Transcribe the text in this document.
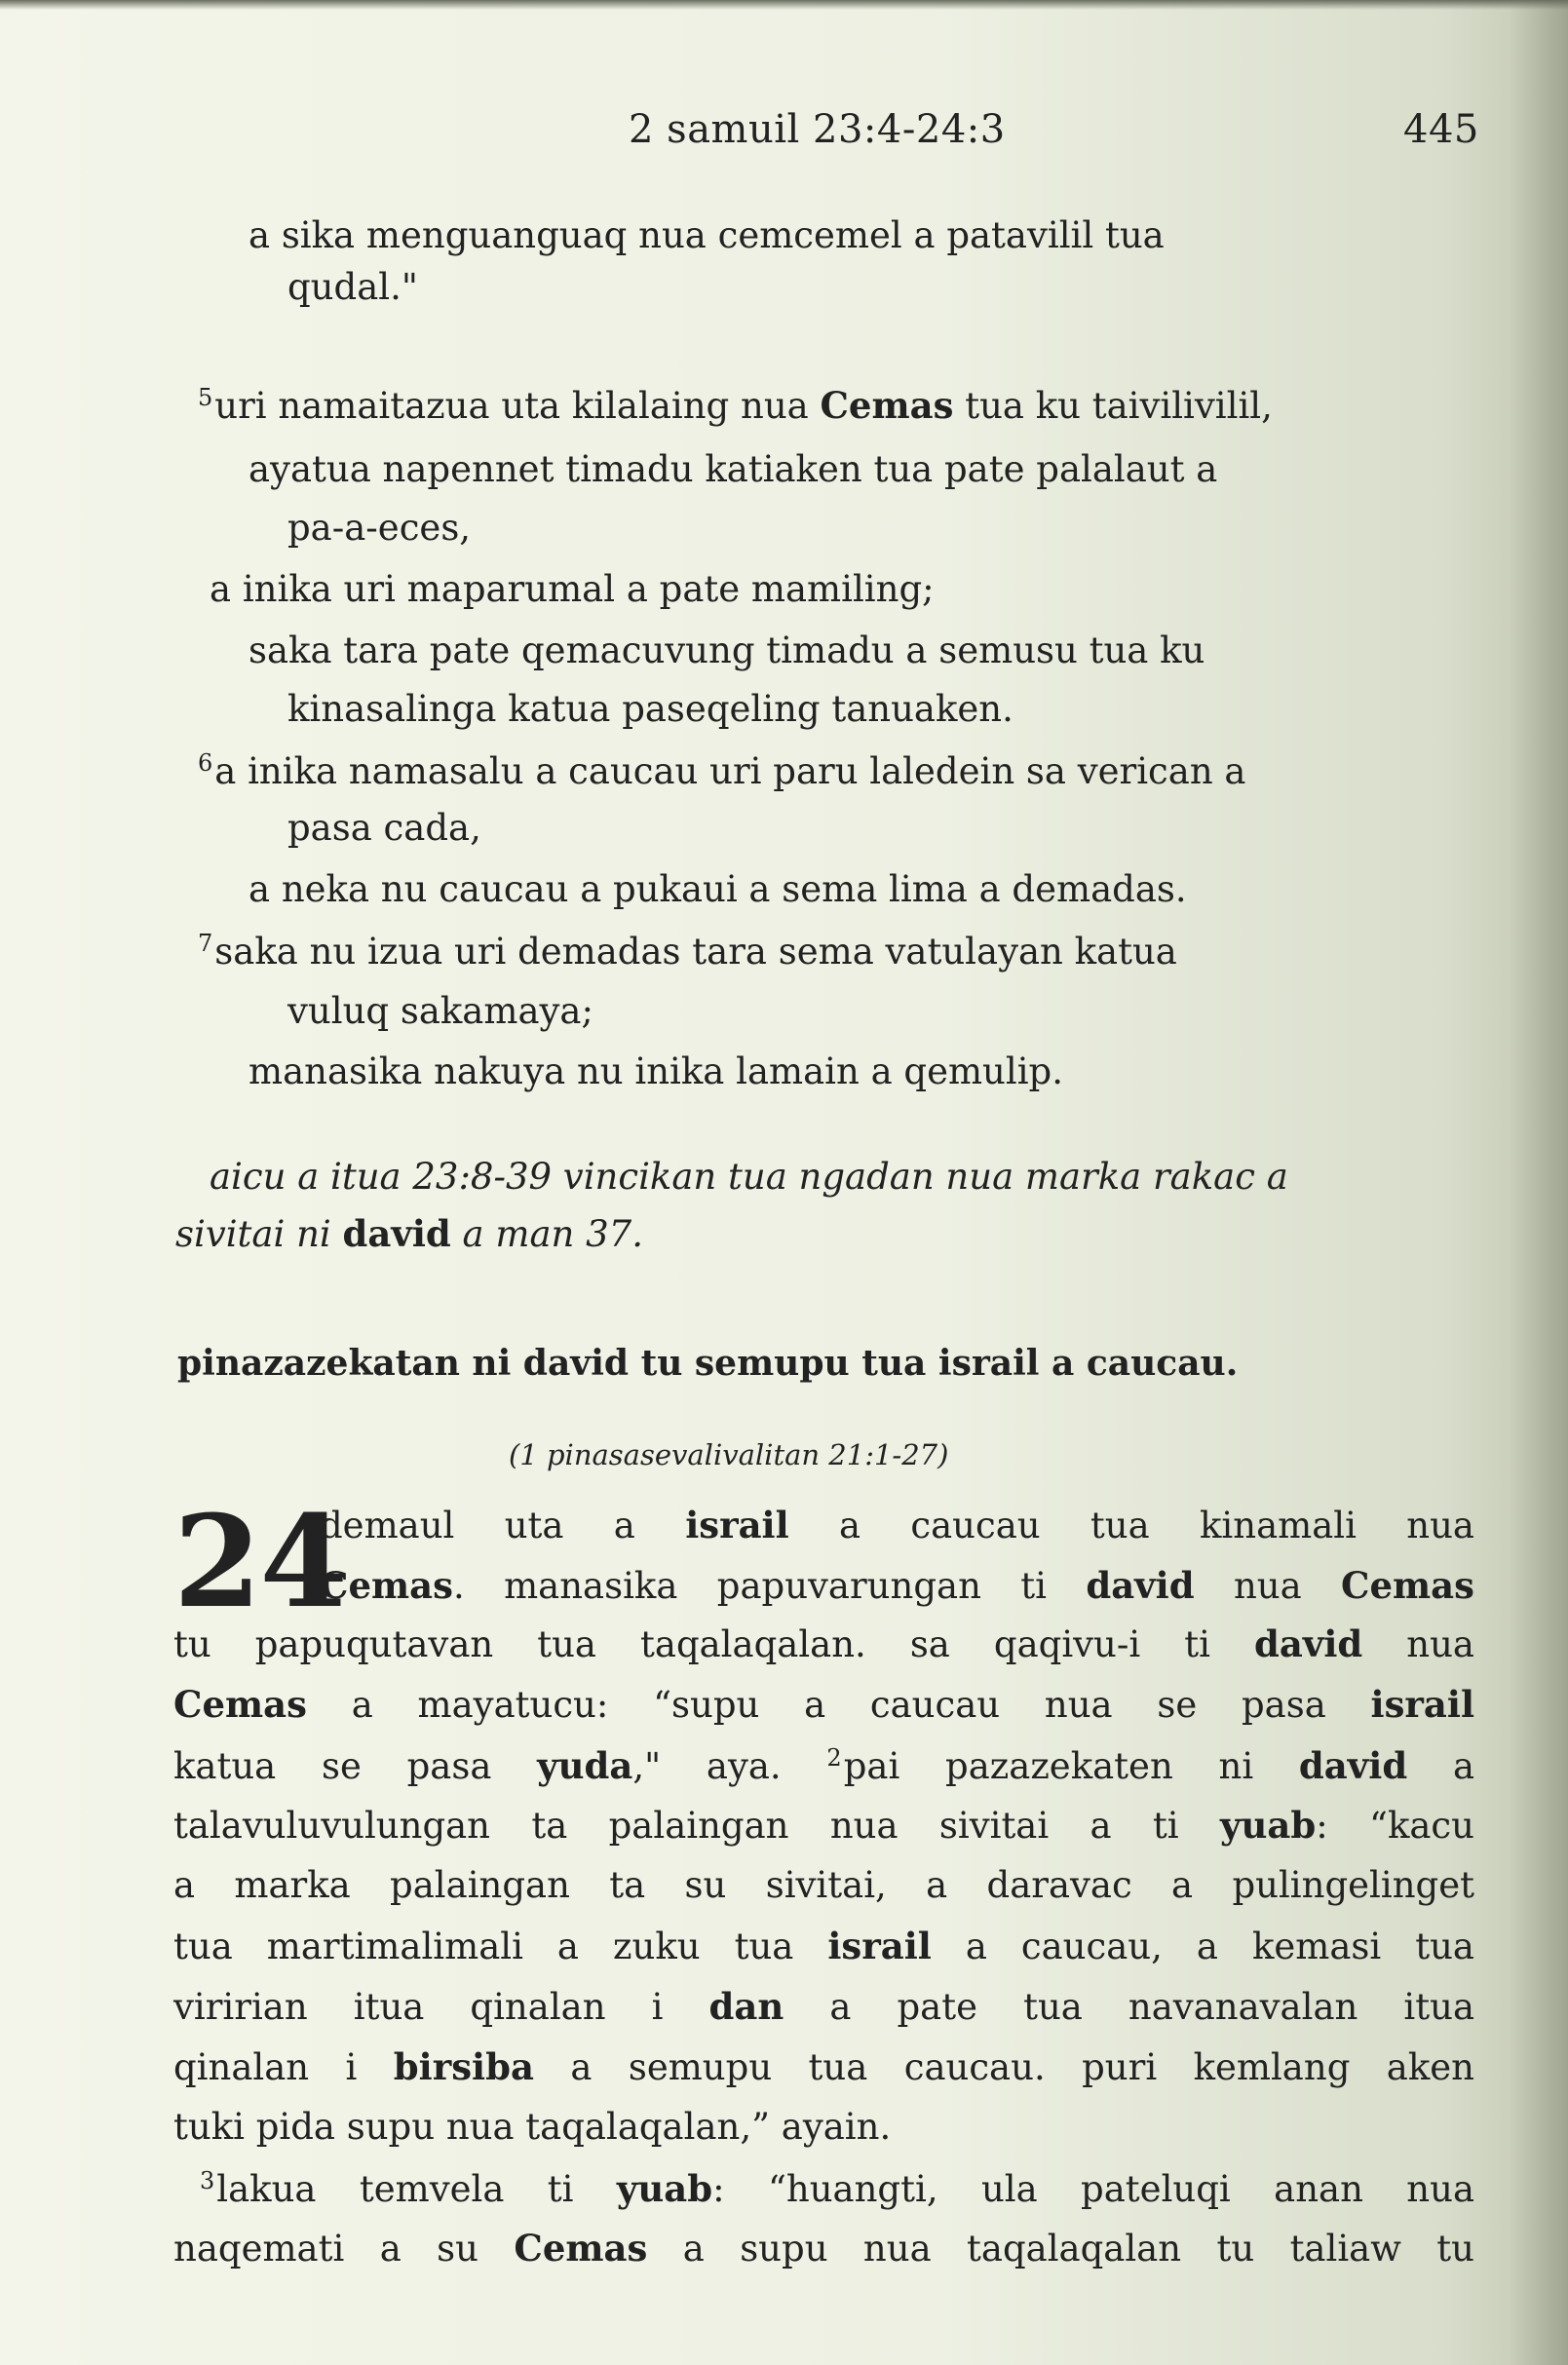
2 samuil 23:4-24:3	445
a sika menguanguaq nua cemcemel a patavilil tua
qudal."
$^5$uri namaitazua uta kilalaing nua Cemas tua ku taivilivilil,
ayatua napennet timadu katiaken tua pate palalaut a
pa-a-eces,
a inika uri maparumal a pate mamiling;
saka tara pate qemacuvung timadu a semusu tua ku
kinasalinga katua paseqeling tanuaken.
$^6$a inika namasalu a caucau uri paru laledein sa verican a
pasa cada,
a neka nu caucau a pukaui a sema lima a demadas.
$^7$saka nu izua uri demadas tara sema vatulayan katua
vuluq sakamaya;
manasika nakuya nu inika lamain a qemulip.
aicu a itua 23:8-39 vincikan tua ngadan nua marka rakac a
sivitai ni david a man 37.
pinazazekatan ni david tu semupu tua israil a caucau.
(1 pinasasevalivalitan 21:1-27)
24
demaul uta a israil a caucau tua kinamali nua
Cemas. manasika papuvarungan ti david nua Cemas
tu papuqutavan tua taqalaqalan. sa qaqivu-i ti david nua
Cemas a mayatucu: “supu a caucau nua se pasa israil
katua se pasa yuda," aya. $^2$pai pazazekaten ni david a
talavuluvulungan ta palaingan nua sivitai a ti yuab: “kacu
a marka palaingan ta su sivitai, a daravac a pulingelinget
tua martimalimali a zuku tua israil a caucau, a kemasi tua
viririan itua qinalan i dan a pate tua navanavalan itua
qinalan i birsiba a semupu tua caucau. puri kemlang aken
tuki pida supu nua taqalaqalan,” ayain.
$^3$lakua temvela ti yuab: “huangti, ula pateluqi anan nua
naqemati a su Cemas a supu nua taqalaqalan tu taliaw tu
